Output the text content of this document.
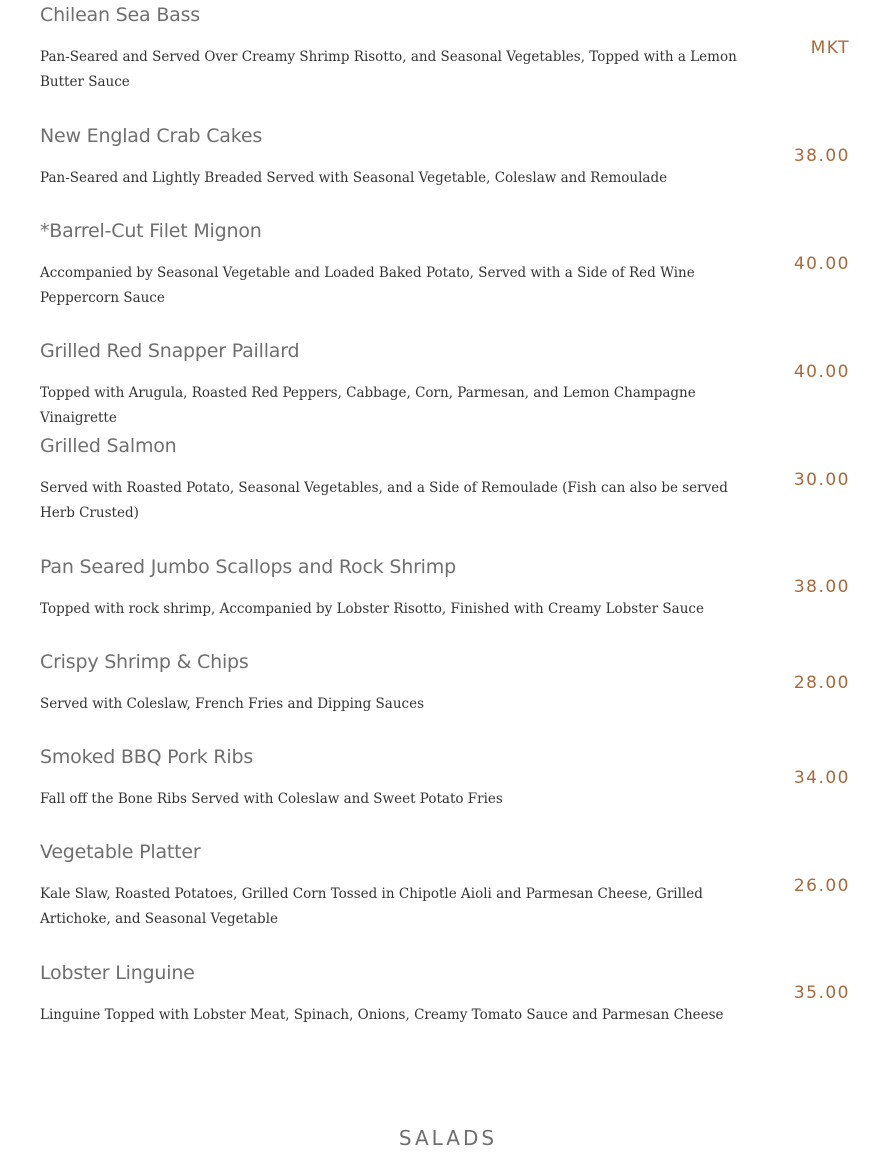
Chilean Sea Bass
Pan-Seared and Served Over Creamy Shrimp Risotto, and Seasonal Vegetables, Topped with a Lemon Butter Sauce
MKT
New Englad Crab Cakes
Pan-Seared and Lightly Breaded Served with Seasonal Vegetable, Coleslaw and Remoulade
38.00
*Barrel-Cut Filet Mignon
Accompanied by Seasonal Vegetable and Loaded Baked Potato, Served with a Side of Red Wine Peppercorn Sauce
40.00
Grilled Red Snapper Paillard
Topped with Arugula, Roasted Red Peppers, Cabbage, Corn, Parmesan, and Lemon Champagne Vinaigrette
40.00
Grilled Salmon
Served with Roasted Potato, Seasonal Vegetables, and a Side of Remoulade (Fish can also be served Herb Crusted)
30.00
Pan Seared Jumbo Scallops and Rock Shrimp
Topped with rock shrimp, Accompanied by Lobster Risotto, Finished with Creamy Lobster Sauce
38.00
Crispy Shrimp & Chips
Served with Coleslaw, French Fries and Dipping Sauces
28.00
Smoked BBQ Pork Ribs
Fall off the Bone Ribs Served with Coleslaw and Sweet Potato Fries
34.00
Vegetable Platter
Kale Slaw, Roasted Potatoes, Grilled Corn Tossed in Chipotle Aioli and Parmesan Cheese, Grilled Artichoke, and Seasonal Vegetable
26.00
Lobster Linguine
Linguine Topped with Lobster Meat, Spinach, Onions, Creamy Tomato Sauce and Parmesan Cheese
35.00
SALADS
